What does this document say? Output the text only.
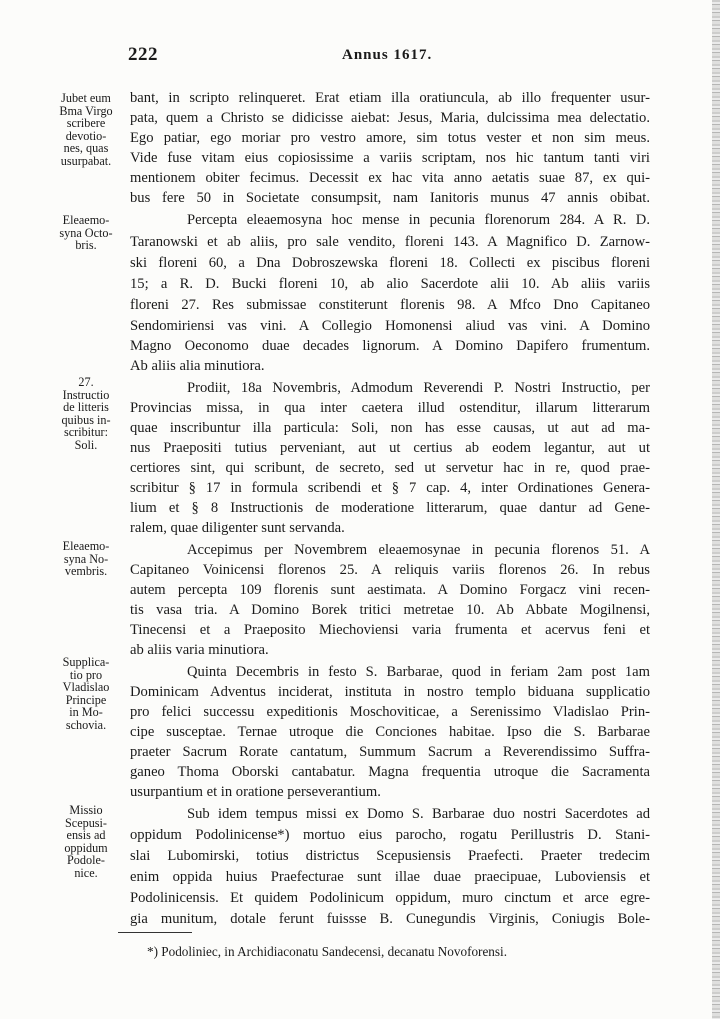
222	Annus 1617.
Jubet eum
Bma Virgo
scribere
devotio-
nes, quas
usurpabat.
Eleaemo-
syna Octo-
bris.
27.
Instructio
de litteris
quibus in-
scribitur:
Soli.
Eleaemo-
syna No-
vembris.
Supplica-
tio pro
Vladislao
Principe
in Mo-
schovia.
Missio
Scepusi-
ensis ad
oppidum
Podole-
nice.
bant, in scripto relinqueret. Erat etiam illa oratiuncula, ab illo frequenter usur-
pata, quem a Christo se didicisse aiebat: Jesus, Maria, dulcissima mea delectatio.
Ego patiar, ego moriar pro vestro amore, sim totus vester et non sim meus.
Vide fuse vitam eius copiosissime a variis scriptam, nos hic tantum tanti viri
mentionem obiter fecimus. Decessit ex hac vita anno aetatis suae 87, ex qui-
bus fere 50 in Societate consumpsit, nam Ianitoris munus 47 annis obibat.
Percepta eleaemosyna hoc mense in pecunia florenorum 284. A R. D.
Taranowski et ab aliis, pro sale vendito, floreni 143. A Magnifico D. Zarnow-
ski floreni 60, a Dna Dobroszewska floreni 18. Collecti ex piscibus floreni
15; a R. D. Bucki floreni 10, ab alio Sacerdote alii 10. Ab aliis variis
floreni 27. Res submissae constiterunt florenis 98. A Mfco Dno Capitaneo
Sendomiriensi vas vini. A Collegio Homonensi aliud vas vini. A Domino
Magno Oeconomo duae decades lignorum. A Domino Dapifero frumentum.
Ab aliis alia minutiora.
Prodiit, 18a Novembris, Admodum Reverendi P. Nostri Instructio, per
Provincias missa, in qua inter caetera illud ostenditur, illarum litterarum
quae inscribuntur illa particula: Soli, non has esse causas, ut aut ad ma-
nus Praepositi tutius perveniant, aut ut certius ab eodem legantur, aut ut
certiores sint, qui scribunt, de secreto, sed ut servetur hac in re, quod prae-
scribitur § 17 in formula scribendi et § 7 cap. 4, inter Ordinationes Genera-
lium et § 8 Instructionis de moderatione litterarum, quae dantur ad Gene-
ralem, quae diligenter sunt servanda.
Accepimus per Novembrem eleaemosynae in pecunia florenos 51. A
Capitaneo Voinicensi florenos 25. A reliquis variis florenos 26. In rebus
autem percepta 109 florenis sunt aestimata. A Domino Forgacz vini recen-
tis vasa tria. A Domino Borek tritici metretae 10. Ab Abbate Mogilnensi,
Tinecensi et a Praeposito Miechoviensi varia frumenta et acervus feni et
ab aliis varia minutiora.
Quinta Decembris in festo S. Barbarae, quod in feriam 2am post 1am
Dominicam Adventus inciderat, instituta in nostro templo biduana supplicatio
pro felici successu expeditionis Moschoviticae, a Serenissimo Vladislao Prin-
cipe susceptae. Ternae utroque die Conciones habitae. Ipso die S. Barbarae
praeter Sacrum Rorate cantatum, Summum Sacrum a Reverendissimo Suffra-
ganeo Thoma Oborski cantabatur. Magna frequentia utroque die Sacramenta
usurpantium et in oratione perseverantium.
Sub idem tempus missi ex Domo S. Barbarae duo nostri Sacerdotes ad
oppidum Podolinicense*) mortuo eius parocho, rogatu Perillustris D. Stani-
slai Lubomirski, totius districtus Scepusiensis Praefecti. Praeter tredecim
enim oppida huius Praefecturae sunt illae duae praecipuae, Luboviensis et
Podolinicensis. Et quidem Podolinicum oppidum, muro cinctum et arce egre-
gia munitum, dotale ferunt fuissse B. Cunegundis Virginis, Coniugis Bole-
*) Podoliniec, in Archidiaconatu Sandecensi, decanatu Novoforensi.
